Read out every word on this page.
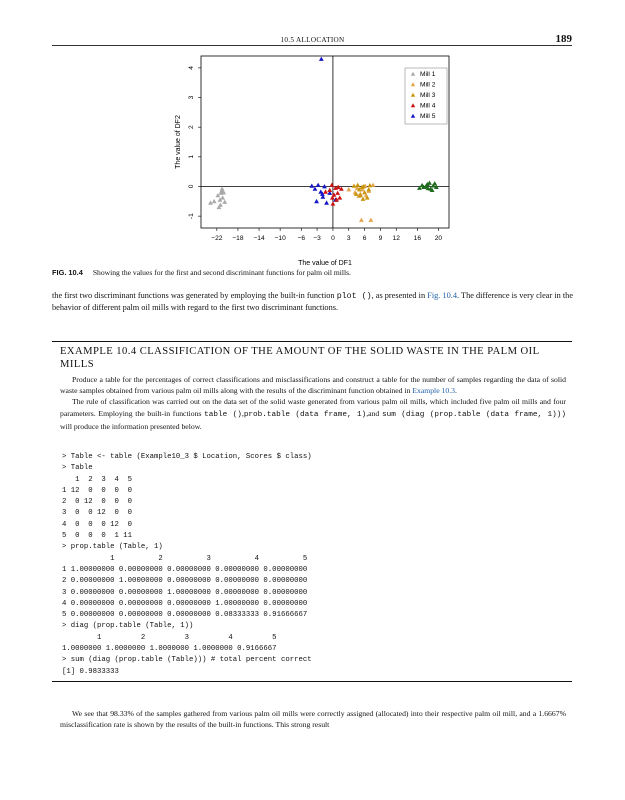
10.5 ALLOCATION	189
−22 −18 −14 −10 −6 −3 0 3 6 9 12 16 20
-1
0
1
2
3
4
Mill 1
Mill 2
Mill 3
Mill 4
Mill 5
The value of DF1
The value of DF2
FIG. 10.4 Showing the values for the first and second discriminant functions for palm oil mills.
the first two discriminant functions was generated by employing the built-in function plot (), as presented in Fig. 10.4. The difference is very clear in the behavior of different palm oil mills with regard to the first two discriminant functions.
EXAMPLE 10.4 CLASSIFICATION OF THE AMOUNT OF THE SOLID WASTE IN THE PALM OIL MILLS
Produce a table for the percentages of correct classifications and misclassifications and construct a table for the number of samples regarding the data of solid waste samples obtained from various palm oil mills along with the results of the discriminant function obtained in Example 10.3.
The rule of classification was carried out on the data set of the solid waste generated from various palm oil mills, which included five palm oil mills and four parameters. Employing the built-in functions table (),prob.table (data frame, 1),and sum (diag (prop.table (data frame, 1))) will produce the information presented below.
> Table <- table (Example10_3 $ Location, Scores $ class)
> Table
1  2  3  4  5
1 12  0  0  0  0
2  0 12  0  0  0
3  0  0 12  0  0
4  0  0  0 12  0
5  0  0  0  1 11
> prop.table (Table, 1)
1          2          3          4          5
1 1.00000000 0.00000000 0.00000000 0.00000000 0.00000000
2 0.00000000 1.00000000 0.00000000 0.00000000 0.00000000
3 0.00000000 0.00000000 1.00000000 0.00000000 0.00000000
4 0.00000000 0.00000000 0.00000000 1.00000000 0.00000000
5 0.00000000 0.00000000 0.00000000 0.08333333 0.91666667
> diag (prop.table (Table, 1))
1         2         3         4         5
1.0000000 1.0000000 1.0000000 1.0000000 0.9166667
> sum (diag (prop.table (Table))) # total percent correct
[1] 0.9833333
We see that 98.33% of the samples gathered from various palm oil mills were correctly assigned (allocated) into their respective palm oil mill, and a 1.6667% misclassification rate is shown by the results of the built-in functions. This strong result
